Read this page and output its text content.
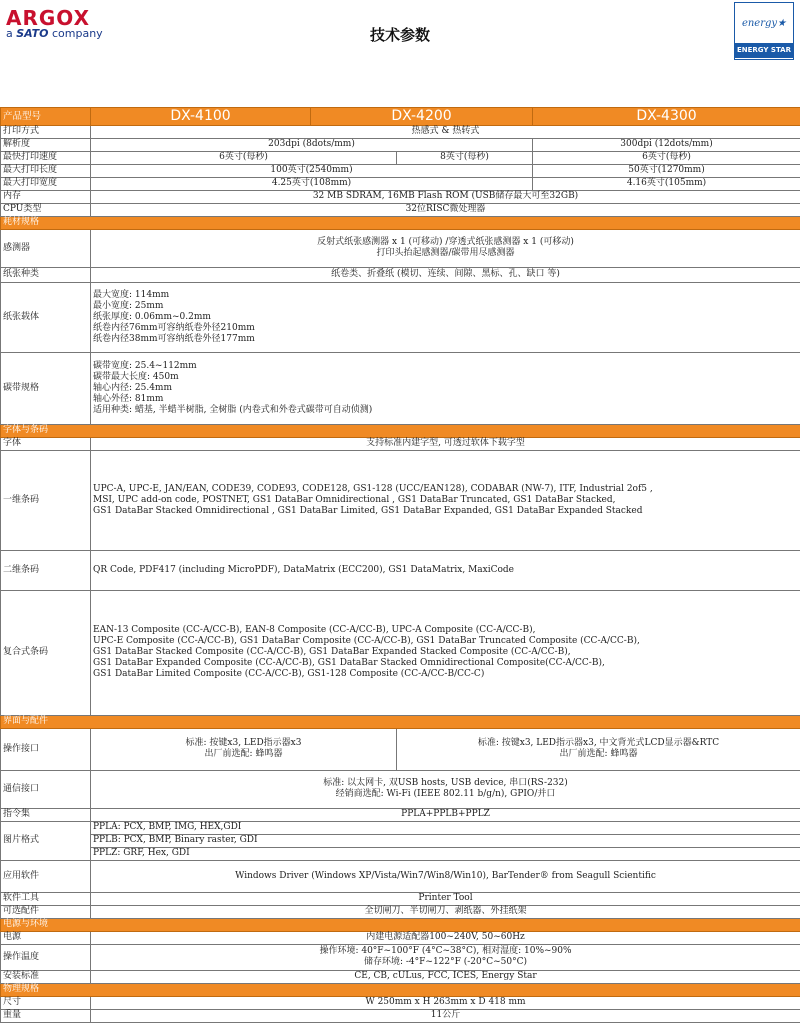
ARGOX
a SATO company	技术参数
energy ★
ENERGY STAR

产品型号	DX-4100	DX-4200		DX-4300
打印方式	热感式 & 热转式			
解析度	203dpi (8dots/mm)			300dpi (12dots/mm)
最快打印速度	6英寸(每秒)		8英寸(每秒)	6英寸(每秒)
最大打印长度	100英寸(2540mm)			50英寸(1270mm)
最大打印宽度	4.25英寸(108mm)			4.16英寸(105mm)
内存	32 MB SDRAM, 16MB Flash ROM (USB储存最大可至32GB)			
CPU类型	32位RISC微处理器			
耗材规格				
感测器	反射式纸张感测器 x 1 (可移动) /穿透式纸张感测器 x 1 (可移动)
打印头抬起感测器/碳带用尽感测器			
纸张种类	纸卷类、折叠纸 (模切、连续、间隙、黑标、孔、缺口 等)			
纸张载体	最大宽度: 114mm
最小宽度: 25mm
纸张厚度: 0.06mm~0.2mm
纸卷内径76mm可容纳纸卷外径210mm
纸卷内径38mm可容纳纸卷外径177mm			
碳带规格	碳带宽度: 25.4~112mm
碳带最大长度: 450m
轴心内径: 25.4mm
轴心外径: 81mm
适用种类: 蜡基, 半蜡半树脂, 全树脂 (内卷式和外卷式碳带可自动侦测)			
字体与条码				
字体	支持标准内建字型, 可透过软体下载字型			
一维条码	UPC-A, UPC-E, JAN/EAN, CODE39, CODE93, CODE128, GS1-128 (UCC/EAN128), CODABAR (NW-7), ITF, Industrial 2of5 ,
MSI, UPC add-on code, POSTNET, GS1 DataBar Omnidirectional , GS1 DataBar Truncated, GS1 DataBar Stacked,
GS1 DataBar Stacked Omnidirectional , GS1 DataBar Limited, GS1 DataBar Expanded, GS1 DataBar Expanded Stacked			
二维条码	QR Code, PDF417 (including MicroPDF), DataMatrix (ECC200), GS1 DataMatrix, MaxiCode			
复合式条码	EAN-13 Composite (CC-A/CC-B), EAN-8 Composite (CC-A/CC-B), UPC-A Composite (CC-A/CC-B),
UPC-E Composite (CC-A/CC-B), GS1 DataBar Composite (CC-A/CC-B), GS1 DataBar Truncated Composite (CC-A/CC-B),
GS1 DataBar Stacked Composite (CC-A/CC-B), GS1 DataBar Expanded Stacked Composite (CC-A/CC-B),
GS1 DataBar Expanded Composite (CC-A/CC-B), GS1 DataBar Stacked Omnidirectional Composite(CC-A/CC-B),
GS1 DataBar Limited Composite (CC-A/CC-B), GS1-128 Composite (CC-A/CC-B/CC-C)			
界面与配件				
操作接口	标准: 按键x3, LED指示器x3
出厂前选配: 蜂鸣器		标准: 按键x3, LED指示器x3, 中文背光式LCD显示器&RTC
出厂前选配: 蜂鸣器	
通信接口	标准: 以太网卡, 双USB hosts, USB device, 串口(RS-232)
经销商选配: Wi-Fi (IEEE 802.11 b/g/n), GPIO/并口			
指令集	PPLA+PPLB+PPLZ			
图片格式	PPLA: PCX, BMP, IMG, HEX,GDI			
	PPLB: PCX, BMP, Binary raster, GDI			
	PPLZ: GRF, Hex, GDI			
应用软件	Windows Driver (Windows XP/Vista/Win7/Win8/Win10), BarTender® from Seagull Scientific			
软件工具	Printer Tool			
可选配件	全切闸刀、半切闸刀、剥纸器、外挂纸架			
电源与环境				
电源	内建电源适配器100~240V, 50~60Hz			
操作温度	操作环境: 40°F~100°F (4°C~38°C), 相对湿度: 10%~90%
储存环境: -4°F~122°F (-20°C~50°C)			
安装标准	CE, CB, cULus, FCC, ICES, Energy Star			
物理规格				
尺寸	W 250mm x H 263mm x D 418 mm			
重量	11公斤			
